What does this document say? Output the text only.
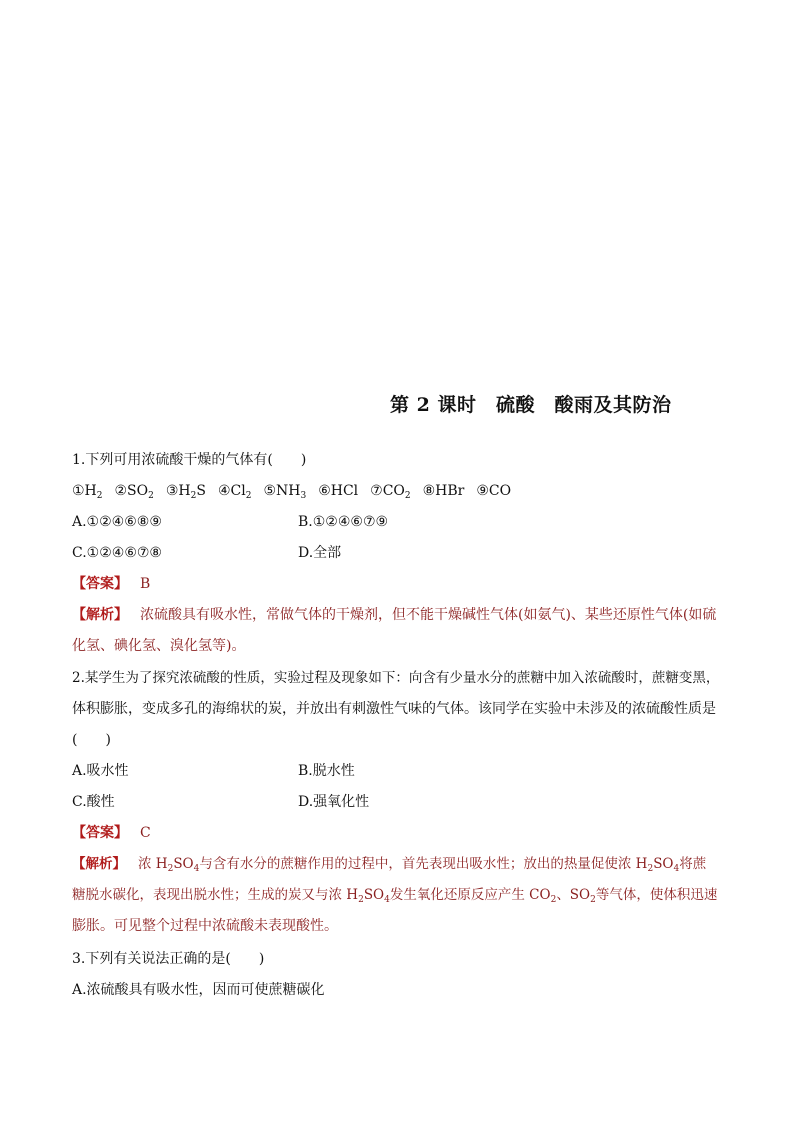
第 2 课时　硫酸　酸雨及其防治
1.下列可用浓硫酸干燥的气体有(　　)
$①H_2$ $②SO_2$ $③H_2S$ $④Cl_2$ $⑤NH_3$ ⑥HCl $⑦CO_2$ ⑧HBr ⑨CO
A.①②④⑥⑧⑨	B.①②④⑥⑦⑨
C.①②④⑥⑦⑧	D.全部
【答案】 B
【解析】 浓硫酸具有吸水性，常做气体的干燥剂，但不能干燥碱性气体(如氨气)、某些还原性气体(如硫
化氢、碘化氢、溴化氢等)。
2.某学生为了探究浓硫酸的性质，实验过程及现象如下：向含有少量水分的蔗糖中加入浓硫酸时，蔗糖变黑，
体积膨胀，变成多孔的海绵状的炭，并放出有刺激性气味的气体。该同学在实验中未涉及的浓硫酸性质是
(　　)
A.吸水性	B.脱水性
C.酸性	D.强氧化性
【答案】 C
【解析】 浓 $H_2SO_4$与含有水分的蔗糖作用的过程中，首先表现出吸水性；放出的热量促使浓 $H_2SO_4$将蔗
糖脱水碳化，表现出脱水性；生成的炭又与浓 $H_2SO_4$发生氧化还原反应产生 $CO_2$、$SO_2$等气体，使体积迅速
膨胀。可见整个过程中浓硫酸未表现酸性。
3.下列有关说法正确的是(　　)
A.浓硫酸具有吸水性，因而可使蔗糖碳化
